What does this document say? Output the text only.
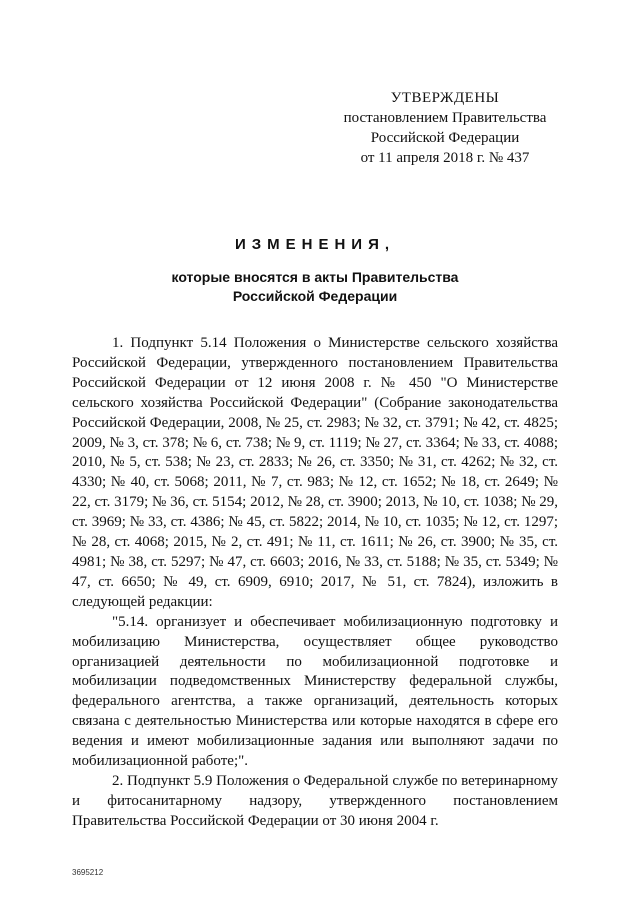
УТВЕРЖДЕНЫ
постановлением Правительства
Российской Федерации
от 11 апреля 2018 г. № 437
ИЗМЕНЕНИЯ,
которые вносятся в акты Правительства
Российской Федерации

1. Подпункт 5.14 Положения о Министерстве сельского хозяйства Российской Федерации, утвержденного постановлением Правительства Российской Федерации от 12 июня 2008 г. № 450 "О Министерстве сельского хозяйства Российской Федерации" (Собрание законодательства Российской Федерации, 2008, № 25, ст. 2983; № 32, ст. 3791; № 42, ст. 4825; 2009, № 3, ст. 378; № 6, ст. 738; № 9, ст. 1119; № 27, ст. 3364; № 33, ст. 4088; 2010, № 5, ст. 538; № 23, ст. 2833; № 26, ст. 3350; № 31, ст. 4262; № 32, ст. 4330; № 40, ст. 5068; 2011, № 7, ст. 983; № 12, ст. 1652; № 18, ст. 2649; № 22, ст. 3179; № 36, ст. 5154; 2012, № 28, ст. 3900; 2013, № 10, ст. 1038; № 29, ст. 3969; № 33, ст. 4386; № 45, ст. 5822; 2014, № 10, ст. 1035; № 12, ст. 1297; № 28, ст. 4068; 2015, № 2, ст. 491; № 11, ст. 1611; № 26, ст. 3900; № 35, ст. 4981; № 38, ст. 5297; № 47, ст. 6603; 2016, № 33, ст. 5188; № 35, ст. 5349; № 47, ст. 6650; № 49, ст. 6909, 6910; 2017, № 51, ст. 7824), изложить в следующей редакции:

"5.14. организует и обеспечивает мобилизационную подготовку и мобилизацию Министерства, осуществляет общее руководство организацией деятельности по мобилизационной подготовке и мобилизации подведомственных Министерству федеральной службы, федерального агентства, а также организаций, деятельность которых связана с деятельностью Министерства или которые находятся в сфере его ведения и имеют мобилизационные задания или выполняют задачи по мобилизационной работе;".

2. Подпункт 5.9 Положения о Федеральной службе по ветеринарному и фитосанитарному надзору, утвержденного постановлением Правительства Российской Федерации от 30 июня 2004 г.

3695212
